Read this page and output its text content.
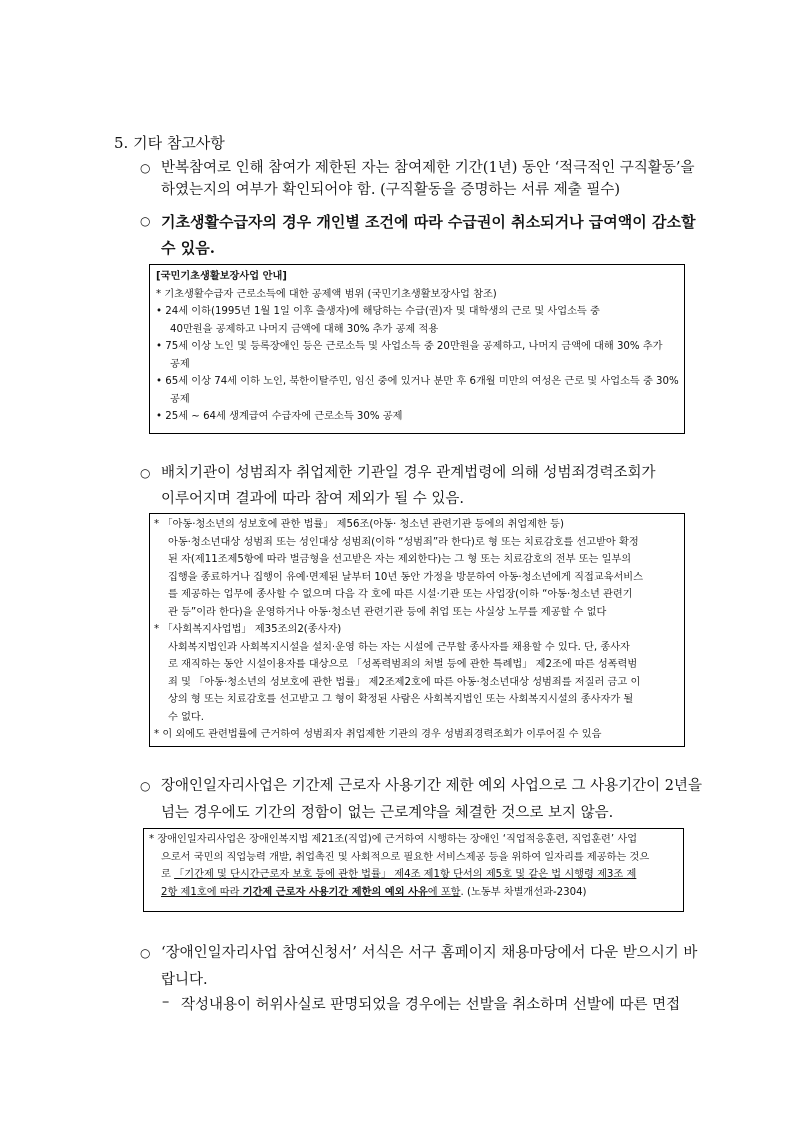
5. 기타 참고사항
○ 반복참여로 인해 참여가 제한된 자는 참여제한 기간(1년) 동안 ‘적극적인 구직활동’을
하였는지의 여부가 확인되어야 함. (구직활동을 증명하는 서류 제출 필수)
○ 기초생활수급자의 경우 개인별 조건에 따라 수급권이 취소되거나 급여액이 감소할
수 있음.
[국민기초생활보장사업 안내]
* 기초생활수급자 근로소득에 대한 공제액 범위 (국민기초생활보장사업 참조)
• 24세 이하(1995년 1월 1일 이후 출생자)에 해당하는 수급(권)자 및 대학생의 근로 및 사업소득 중
40만원을 공제하고 나머지 금액에 대해 30% 추가 공제 적용
• 75세 이상 노인 및 등록장애인 등은 근로소득 및 사업소득 중 20만원을 공제하고, 나머지 금액에 대해 30% 추가
공제
• 65세 이상 74세 이하 노인, 북한이탈주민, 임신 중에 있거나 분만 후 6개월 미만의 여성은 근로 및 사업소득 중 30%
공제
• 25세 ~ 64세 생계급여 수급자에 근로소득 30% 공제
○ 배치기관이 성범죄자 취업제한 기관일 경우 관계법령에 의해 성범죄경력조회가
이루어지며 결과에 따라 참여 제외가 될 수 있음.
* 「아동·청소년의 성보호에 관한 법률」 제56조(아동· 청소년 관련기관 등에의 취업제한 등)
아동·청소년대상 성범죄 또는 성인대상 성범죄(이하 “성범죄”라 한다)로 형 또는 치료감호를 선고받아 확정
된 자(제11조제5항에 따라 벌금형을 선고받은 자는 제외한다)는 그 형 또는 치료감호의 전부 또는 일부의
집행을 종료하거나 집행이 유예·면제된 날부터 10년 동안 가정을 방문하여 아동·청소년에게 직접교육서비스
를 제공하는 업무에 종사할 수 없으며 다음 각 호에 따른 시설·기관 또는 사업장(이하 “아동·청소년 관련기
관 등”이라 한다)을 운영하거나 아동·청소년 관련기관 등에 취업 또는 사실상 노무를 제공할 수 없다
* 「사회복지사업법」 제35조의2(종사자)
사회복지법인과 사회복지시설을 설치·운영 하는 자는 시설에 근무할 종사자를 채용할 수 있다. 단, 종사자
로 재직하는 동안 시설이용자를 대상으로 「성폭력범죄의 처벌 등에 관한 특례법」 제2조에 따른 성폭력범
죄 및 「아동·청소년의 성보호에 관한 법률」 제2조제2호에 따른 아동·청소년대상 성범죄를 저질러 금고 이
상의 형 또는 치료감호를 선고받고 그 형이 확정된 사람은 사회복지법인 또는 사회복지시설의 종사자가 될
수 없다.
* 이 외에도 관련법률에 근거하여 성범죄자 취업제한 기관의 경우 성범죄경력조회가 이루어질 수 있음
○ 장애인일자리사업은 기간제 근로자 사용기간 제한 예외 사업으로 그 사용기간이 2년을
넘는 경우에도 기간의 정함이 없는 근로계약을 체결한 것으로 보지 않음.
* 장애인일자리사업은 장애인복지법 제21조(직업)에 근거하여 시행하는 장애인 ‘직업적응훈련, 직업훈련’ 사업
으로서 국민의 직업능력 개발, 취업촉진 및 사회적으로 필요한 서비스제공 등을 위하여 일자리를 제공하는 것으
로 「기간제 및 단시간근로자 보호 등에 관한 법률」 제4조 제1항 단서의 제5호 및 같은 법 시행령 제3조 제
2항 제1호에 따라 기간제 근로자 사용기간 제한의 예외 사유에 포함. (노동부 차별개선과-2304)
○ ‘장애인일자리사업 참여신청서’ 서식은 서구 홈페이지 채용마당에서 다운 받으시기 바
랍니다.
– 작성내용이 허위사실로 판명되었을 경우에는 선발을 취소하며 선발에 따른 면접
